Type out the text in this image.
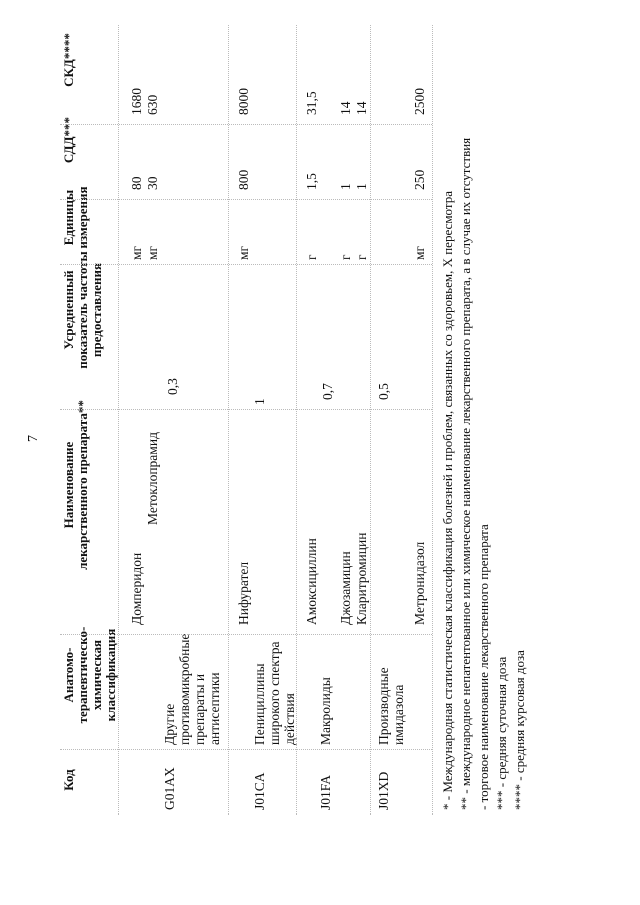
7
Код
Анатомо-терапевтическо-химическая классификация
Наименование лекарственного препарата**
Усредненный показатель частоты предоставления
Единицы измерения
СДД***
СКД****
G01AX
Другие противомикробные препараты и антисептики
Домперидон
Метоклопрамид
0,3
мг мг
80 30
1680 630
J01CA
Пенициллины широкого спектра действия
Нифурател
1
мг
800
8000
J01FA
Макролиды
Амоксициллин Джозамицин Кларитромицин
0,7
г г г
1,5 1 1
31,5 14 14
J01XD
Производные имидазола
Метронидазол
0,5
мг
250
2500
* - Международная статистическая классификация болезней и проблем, связанных со здоровьем, X пересмотра ** - международное непатентованное или химическое наименование лекарственного препарата, а в случае их отсутствия - торговое наименование лекарственного препарата *** - средняя суточная доза **** - средняя курсовая доза
